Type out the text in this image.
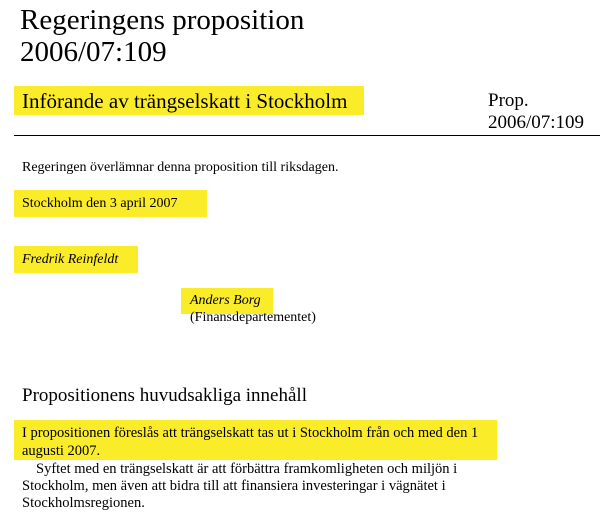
Regeringens proposition
2006/07:109
Införande av trängselskatt i Stockholm	Prop.
2006/07:109
Regeringen överlämnar denna proposition till riksdagen.
Stockholm den 3 april 2007
Fredrik Reinfeldt
Anders Borg
(Finansdepartementet)
Propositionens huvudsakliga innehåll

I propositionen föreslås att trängselskatt tas ut i Stockholm från och med den 1 augusti 2007.

Syftet med en trängselskatt är att förbättra framkomligheten och miljön i Stockholm, men även att bidra till att finansiera investeringar i vägnätet i Stockholmsregionen.
